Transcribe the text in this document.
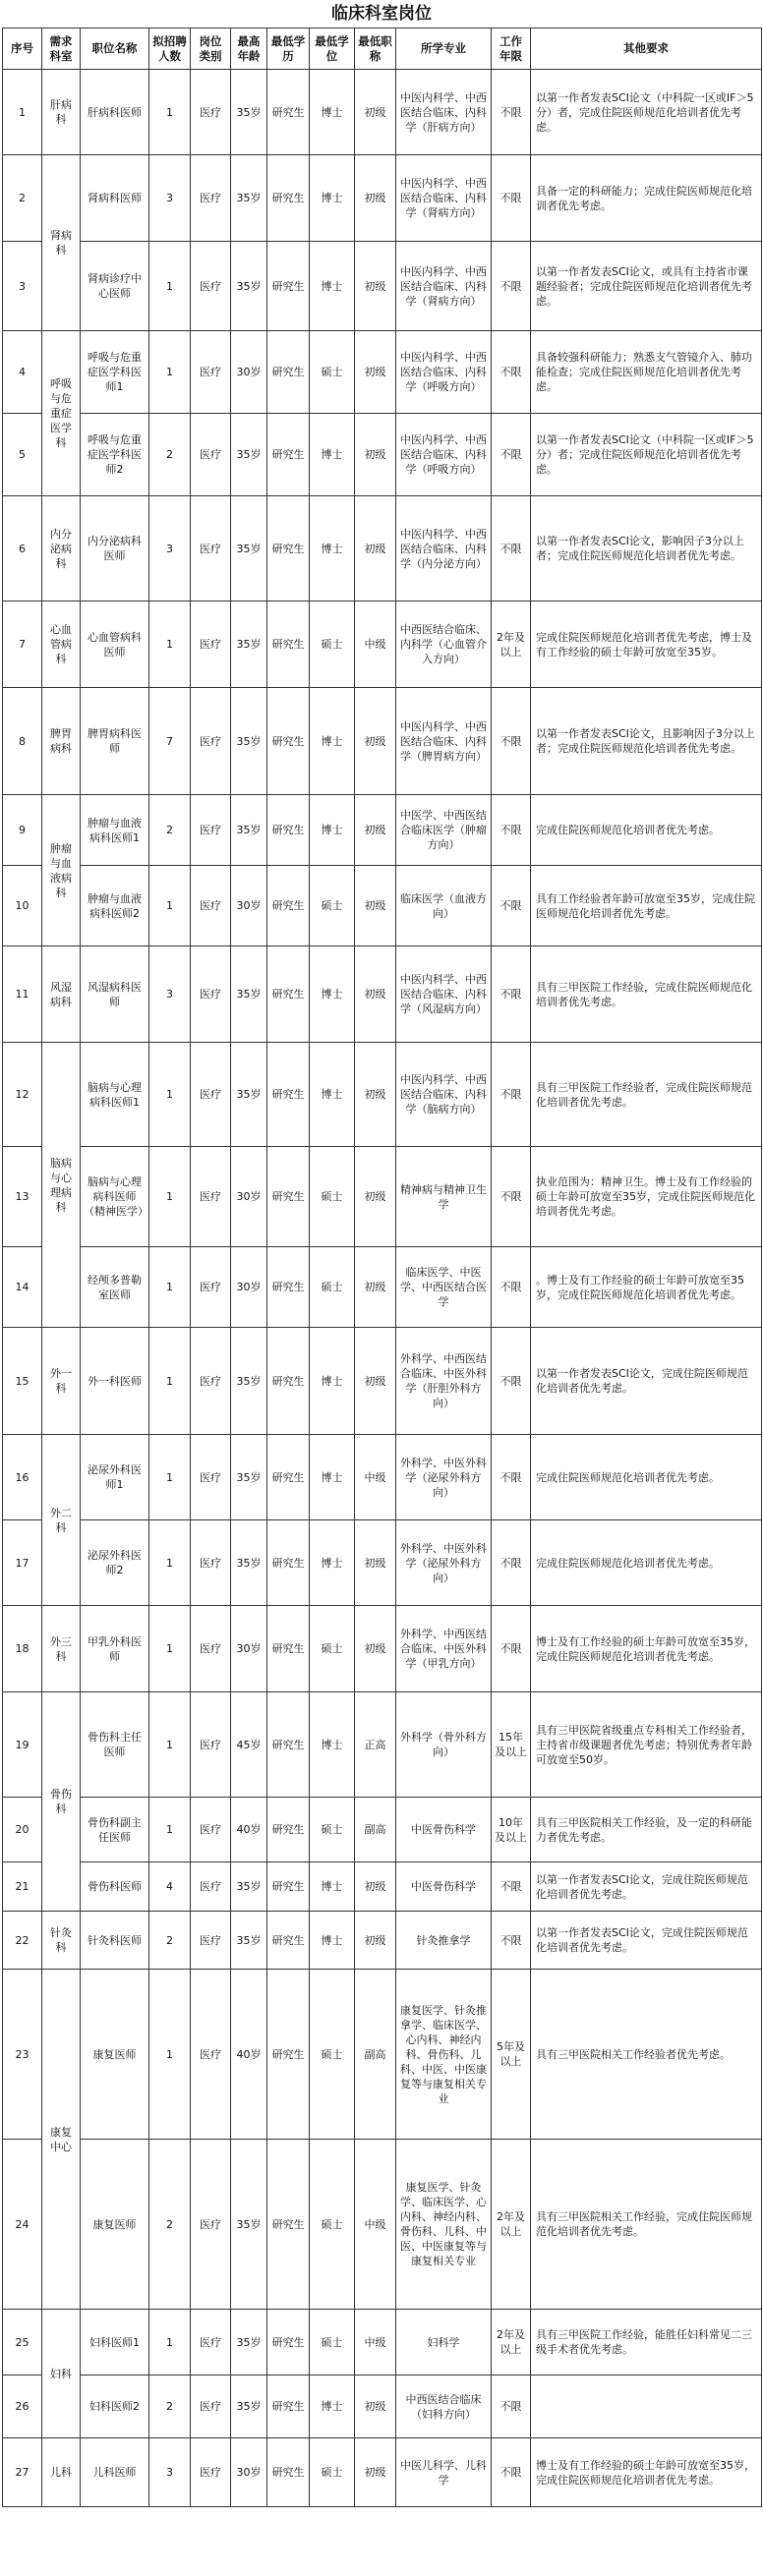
临床科室岗位
序号	需求科室	职位名称	拟招聘人数	岗位类别	最高年龄	最低学历	最低学位	最低职称	所学专业	工作年限	其他要求
1	肝病科	肝病科医师	1	医疗	35岁	研究生	博士	初级	中医内科学、中西医结合临床、内科学（肝病方向）	不限	以第一作者发表SCI论文（中科院一区或IF＞5分）者，完成住院医师规范化培训者优先考虑。
2	肾病科	肾病科医师	3	医疗	35岁	研究生	博士	初级	中医内科学、中西医结合临床、内科学（肾病方向）	不限	具备一定的科研能力；完成住院医师规范化培训者优先考虑。
3		肾病诊疗中心医师	1	医疗	35岁	研究生	博士	初级	中医内科学、中西医结合临床、内科学（肾病方向）	不限	以第一作者发表SCI论文，或具有主持省市课题经验者；完成住院医师规范化培训者优先考虑。
4	呼吸与危重症医学科	呼吸与危重症医学科医师1	1	医疗	30岁	研究生	硕士	初级	中医内科学、中西医结合临床、内科学（呼吸方向）	不限	具备较强科研能力；熟悉支气管镜介入、肺功能检查；完成住院医师规范化培训者优先考虑。
5		呼吸与危重症医学科医师2	2	医疗	35岁	研究生	博士	初级	中医内科学、中西医结合临床、内科学（呼吸方向）	不限	以第一作者发表SCI论文（中科院一区或IF＞5分）者；完成住院医师规范化培训者优先考虑。
6	内分泌病科	内分泌病科医师	3	医疗	35岁	研究生	博士	初级	中医内科学、中西医结合临床、内科学（内分泌方向）	不限	以第一作者发表SCI论文，影响因子3分以上者；完成住院医师规范化培训者优先考虑。
7	心血管病科	心血管病科医师	1	医疗	35岁	研究生	硕士	中级	中西医结合临床、内科学（心血管介入方向）	2年及以上	完成住院医师规范化培训者优先考虑，博士及有工作经验的硕士年龄可放宽至35岁。
8	脾胃病科	脾胃病科医师	7	医疗	35岁	研究生	博士	初级	中医内科学、中西医结合临床、内科学（脾胃病方向）	不限	以第一作者发表SCI论文，且影响因子3分以上者；完成住院医师规范化培训者优先考虑。
9	肿瘤与血液病科	肿瘤与血液病科医师1	2	医疗	35岁	研究生	博士	初级	中医学、中西医结合临床医学（肿瘤方向）	不限	完成住院医师规范化培训者优先考虑。
10		肿瘤与血液病科医师2	1	医疗	30岁	研究生	硕士	初级	临床医学（血液方向）	不限	具有工作经验者年龄可放宽至35岁，完成住院医师规范化培训者优先考虑。
11	风湿病科	风湿病科医师	3	医疗	35岁	研究生	博士	初级	中医内科学、中西医结合临床、内科学（风湿病方向）	不限	具有三甲医院工作经验，完成住院医师规范化培训者优先考虑。
12	脑病与心理病科	脑病与心理病科医师1	1	医疗	35岁	研究生	博士	初级	中医内科学、中西医结合临床、内科学（脑病方向）	不限	具有三甲医院工作经验者，完成住院医师规范化培训者优先考虑。
13		脑病与心理病科医师（精神医学）	1	医疗	30岁	研究生	硕士	初级	精神病与精神卫生学	不限	执业范围为：精神卫生。博士及有工作经验的硕士年龄可放宽至35岁，完成住院医师规范化培训者优先考虑。
14		经颅多普勒室医师	1	医疗	30岁	研究生	硕士	初级	临床医学、中医学、中西医结合医学	不限	。博士及有工作经验的硕士年龄可放宽至35岁，完成住院医师规范化培训者优先考虑。
15	外一科	外一科医师	1	医疗	35岁	研究生	博士	初级	外科学、中西医结合临床、中医外科学（肝胆外科方向）	不限	以第一作者发表SCI论文，完成住院医师规范化培训者优先考虑。
16	外二科	泌尿外科医师1	1	医疗	35岁	研究生	博士	中级	外科学、中医外科学（泌尿外科方向）	不限	完成住院医师规范化培训者优先考虑。
17		泌尿外科医师2	1	医疗	35岁	研究生	博士	初级	外科学、中医外科学（泌尿外科方向）	不限	完成住院医师规范化培训者优先考虑。
18	外三科	甲乳外科医师	1	医疗	30岁	研究生	硕士	初级	外科学、中西医结合临床、中医外科学（甲乳方向）	不限	博士及有工作经验的硕士年龄可放宽至35岁，完成住院医师规范化培训者优先考虑。
19	骨伤科	骨伤科主任医师	1	医疗	45岁	研究生	博士	正高	外科学（骨外科方向）	15年及以上	具有三甲医院省级重点专科相关工作经验者，主持省市级课题者优先考虑；特别优秀者年龄可放宽至50岁。
20		骨伤科副主任医师	1	医疗	40岁	研究生	硕士	副高	中医骨伤科学	10年及以上	具有三甲医院相关工作经验，及一定的科研能力者优先考虑。
21		骨伤科医师	4	医疗	35岁	研究生	博士	初级	中医骨伤科学	不限	以第一作者发表SCI论文，完成住院医师规范化培训者优先考虑。
22	针灸科	针灸科医师	2	医疗	35岁	研究生	博士	初级	针灸推拿学	不限	以第一作者发表SCI论文，完成住院医师规范化培训者优先考虑。
23	康复中心	康复医师	1	医疗	40岁	研究生	硕士	副高	康复医学、针灸推拿学、临床医学、心内科、神经内科、骨伤科、儿科、中医、中医康复等与康复相关专业	5年及以上	具有三甲医院相关工作经验者优先考虑。
24		康复医师	2	医疗	35岁	研究生	硕士	中级	康复医学、针灸学、临床医学、心内科、神经内科、骨伤科、儿科、中医、中医康复等与康复相关专业	2年及以上	具有三甲医院相关工作经验，完成住院医师规范化培训者优先考虑。
25	妇科	妇科医师1	1	医疗	35岁	研究生	硕士	中级	妇科学	2年及以上	具有三甲医院工作经验，能胜任妇科常见二三级手术者优先考虑。
26		妇科医师2	2	医疗	35岁	研究生	博士	初级	中西医结合临床（妇科方向）	不限	
27	儿科	儿科医师	3	医疗	30岁	研究生	硕士	初级	中医儿科学、儿科学	不限	博士及有工作经验的硕士年龄可放宽至35岁，完成住院医师规范化培训者优先考虑。
